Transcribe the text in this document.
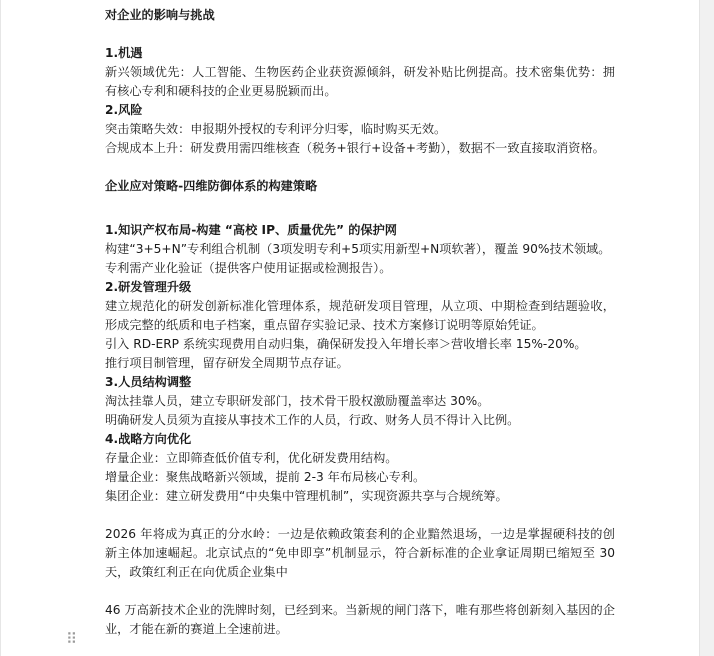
对企业的影响与挑战
1.机遇
新兴领域优先：人工智能、生物医药企业获资源倾斜，研发补贴比例提高。技术密集优势：拥有核心专利和硬科技的企业更易脱颖而出。
2.风险
突击策略失效：申报期外授权的专利评分归零，临时购买无效。
合规成本上升：研发费用需四维核查（税务+银行+设备+考勤），数据不一致直接取消资格。
企业应对策略-四维防御体系的构建策略
1.知识产权布局-构建 “高校 IP、质量优先” 的保护网
构建“3+5+N”专利组合机制（3项发明专利+5项实用新型+N项软著），覆盖 90%技术领域。
专利需产业化验证（提供客户使用证据或检测报告）。
2.研发管理升级
建立规范化的研发创新标准化管理体系，规范研发项目管理，从立项、中期检查到结题验收，形成完整的纸质和电子档案，重点留存实验记录、技术方案修订说明等原始凭证。
引入 RD-ERP 系统实现费用自动归集，确保研发投入年增长率＞营收增长率 15%-20%。
推行项目制管理，留存研发全周期节点存证。
3.人员结构调整
淘汰挂靠人员，建立专职研发部门，技术骨干股权激励覆盖率达 30%。
明确研发人员须为直接从事技术工作的人员，行政、财务人员不得计入比例。
4.战略方向优化
存量企业：立即筛查低价值专利，优化研发费用结构。
增量企业：聚焦战略新兴领域，提前 2-3 年布局核心专利。
集团企业：建立研发费用“中央集中管理机制”，实现资源共享与合规统筹。
2026 年将成为真正的分水岭：一边是依赖政策套利的企业黯然退场，一边是掌握硬科技的创新主体加速崛起。北京试点的“免申即享”机制显示，符合新标准的企业拿证周期已缩短至 30 天，政策红利正在向优质企业集中
46 万高新技术企业的洗牌时刻，已经到来。当新规的闸门落下，唯有那些将创新刻入基因的企业，才能在新的赛道上全速前进。
⠿
